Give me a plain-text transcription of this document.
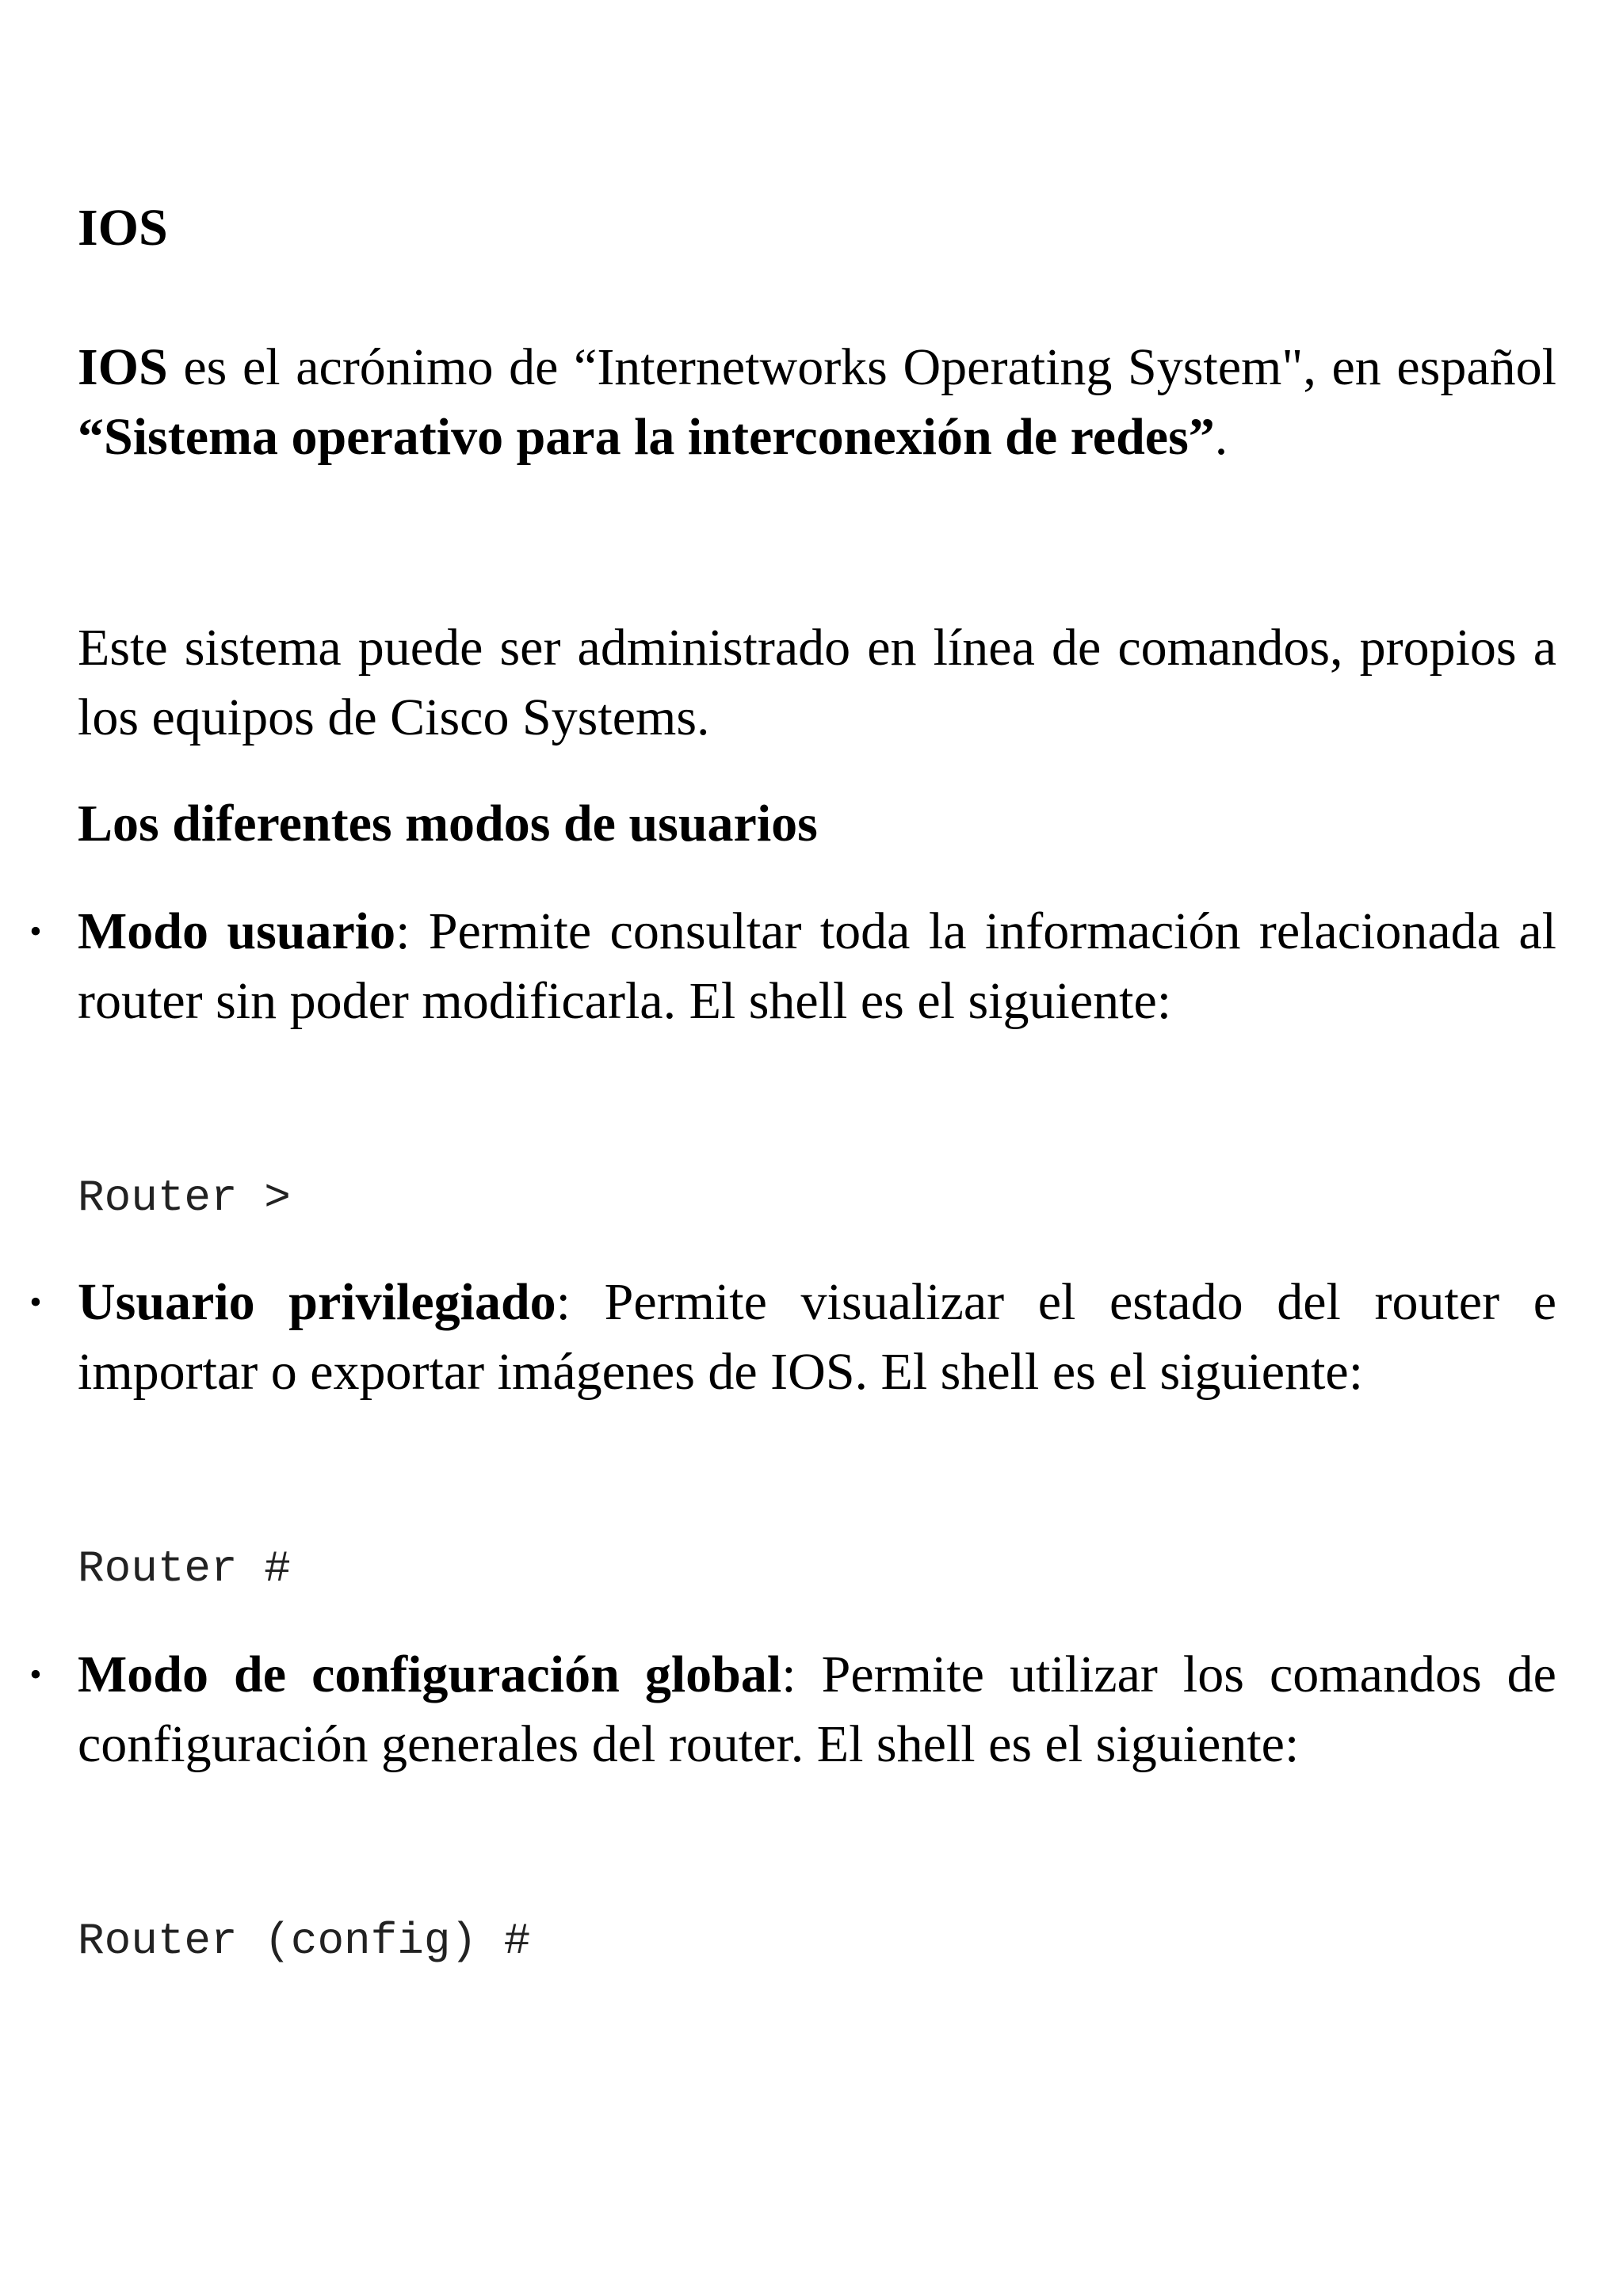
IOS
IOS es el acrónimo de “Internetworks Operating System", en español “Sistema operativo para la interconexión de redes”.
Este sistema puede ser administrado en línea de comandos, propios a los equipos de Cisco Systems.
Los diferentes modos de usuarios
• Modo usuario: Permite consultar toda la información relacionada al router sin poder modificarla. El shell es el siguiente:
Router >
• Usuario privilegiado: Permite visualizar el estado del router e importar o exportar imágenes de IOS. El shell es el siguiente:
Router #
• Modo de configuración global: Permite utilizar los comandos de configuración generales del router. El shell es el siguiente:
Router (config) #
